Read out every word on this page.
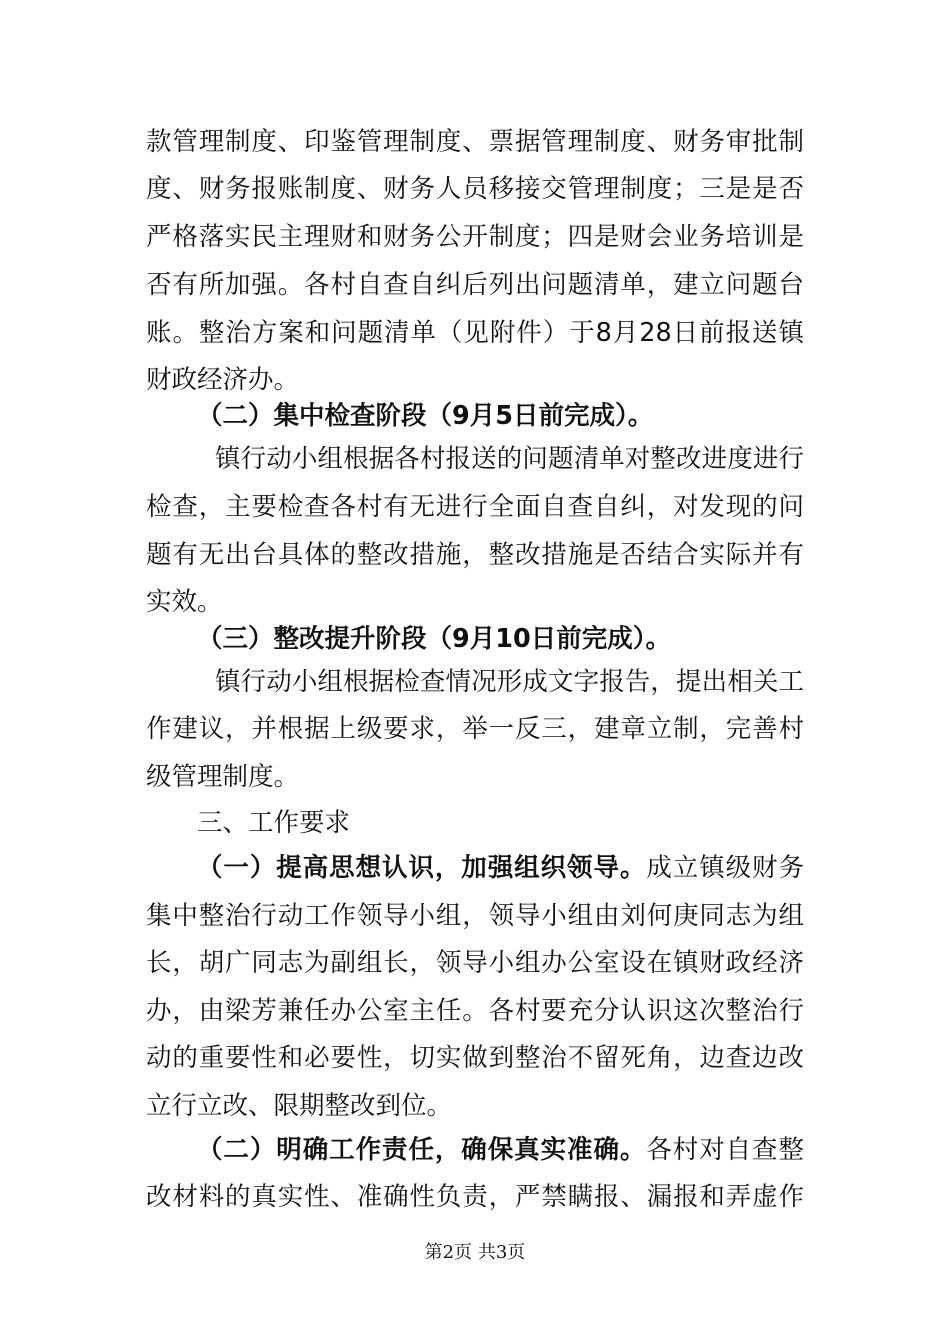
款管理制度、印鉴管理制度、票据管理制度、财务审批制
度、财务报账制度、财务人员移接交管理制度；三是是否
严格落实民主理财和财务公开制度；四是财会业务培训是
否有所加强。各村自查自纠后列出问题清单，建立问题台
账。整治方案和问题清单（见附件）于8月28日前报送镇
财政经济办。
（二）集中检查阶段（9月5日前完成）。
镇行动小组根据各村报送的问题清单对整改进度进行
检查，主要检查各村有无进行全面自查自纠，对发现的问
题有无出台具体的整改措施，整改措施是否结合实际并有
实效。
（三）整改提升阶段（9月10日前完成）。
镇行动小组根据检查情况形成文字报告，提出相关工
作建议，并根据上级要求，举一反三，建章立制，完善村
级管理制度。
三、工作要求
（一）提高思想认识，加强组织领导。成立镇级财务
集中整治行动工作领导小组，领导小组由刘何庚同志为组
长，胡广同志为副组长，领导小组办公室设在镇财政经济
办，由梁芳兼任办公室主任。各村要充分认识这次整治行
动的重要性和必要性，切实做到整治不留死角，边查边改
立行立改、限期整改到位。
（二）明确工作责任，确保真实准确。各村对自查整
改材料的真实性、准确性负责，严禁瞒报、漏报和弄虚作
第2页 共3页
